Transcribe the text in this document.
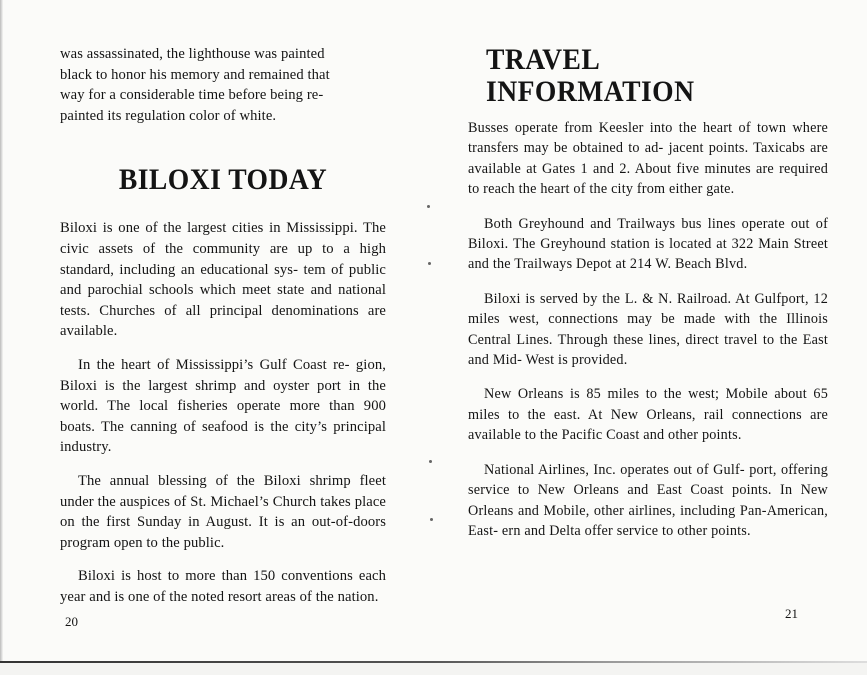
was assassinated, the lighthouse was painted
black to honor his memory and remained that
way for a considerable time before being re-
painted its regulation color of white.

BILOXI TODAY

Biloxi is one of the largest cities in Mississippi. The civic assets of the community are up to a high standard, including an educational sys- tem of public and parochial schools which meet state and national tests. Churches of all principal denominations are available.

In the heart of Mississippi’s Gulf Coast re- gion, Biloxi is the largest shrimp and oyster port in the world. The local fisheries operate more than 900 boats. The canning of seafood is the city’s principal industry.

The annual blessing of the Biloxi shrimp fleet under the auspices of St. Michael’s Church takes place on the first Sunday in August. It is an out-of-doors program open to the public.

Biloxi is host to more than 150 conventions each year and is one of the noted resort areas of the nation.

20
TRAVEL INFORMATION

Busses operate from Keesler into the heart of town where transfers may be obtained to ad- jacent points. Taxicabs are available at Gates 1 and 2. About five minutes are required to reach the heart of the city from either gate.

Both Greyhound and Trailways bus lines operate out of Biloxi. The Greyhound station is located at 322 Main Street and the Trailways Depot at 214 W. Beach Blvd.

Biloxi is served by the L. & N. Railroad. At Gulfport, 12 miles west, connections may be made with the Illinois Central Lines. Through these lines, direct travel to the East and Mid- West is provided.

New Orleans is 85 miles to the west; Mobile about 65 miles to the east. At New Orleans, rail connections are available to the Pacific Coast and other points.

National Airlines, Inc. operates out of Gulf- port, offering service to New Orleans and East Coast points. In New Orleans and Mobile, other airlines, including Pan-American, East- ern and Delta offer service to other points.

21
